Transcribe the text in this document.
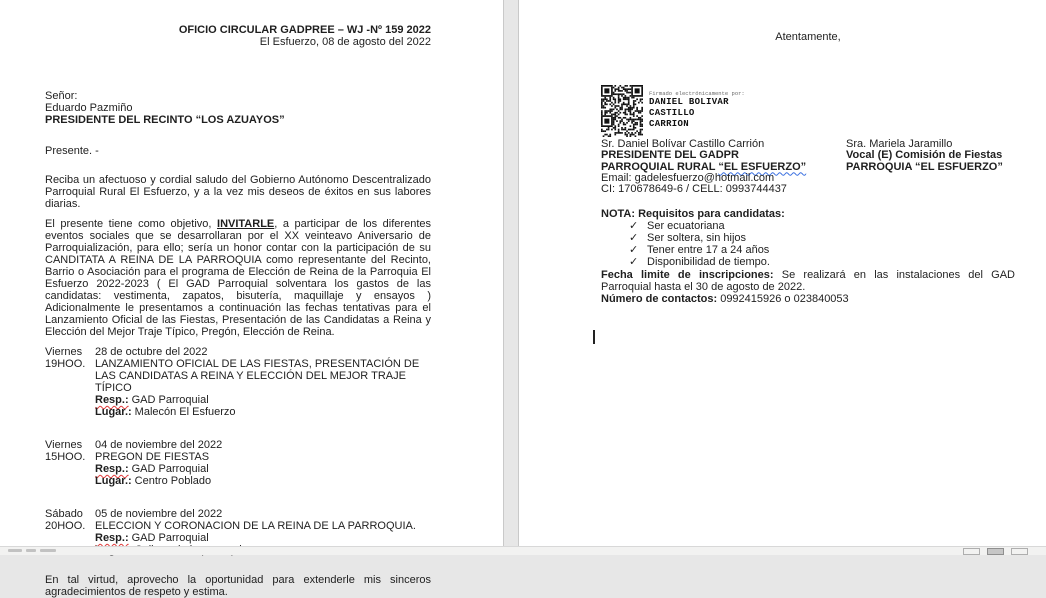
OFICIO CIRCULAR GADPREE – WJ -Nº 159 2022
El Esfuerzo, 08 de agosto del 2022
Señor:
Eduardo Pazmiño
PRESIDENTE DEL RECINTO “LOS AZUAYOS”
Presente. -

Reciba un afectuoso y cordial saludo del Gobierno Autónomo Descentralizado Parroquial Rural El Esfuerzo, y a la vez mis deseos de éxitos en sus labores diarias.

El presente tiene como objetivo, INVITARLE, a participar de los diferentes eventos sociales que se desarrollaran por el XX veinteavo Aniversario de Parroquialización, para ello; sería un honor contar con la participación de su CANDITATA A REINA DE LA PARROQUIA como representante del Recinto, Barrio o Asociación para el programa de Elección de Reina de la Parroquia El Esfuerzo 2022-2023 ( El GAD Parroquial solventara los gastos de las candidatas: vestimenta, zapatos, bisutería, maquillaje y ensayos ) Adicionalmente le presentamos a continuación las fechas tentativas para el Lanzamiento Oficial de las Fiestas, Presentación de las Candidatas a Reina y Elección del Mejor Traje Típico, Pregón, Elección de Reina.

Viernes	28 de octubre del 2022
19HOO. LANZAMIENTO OFICIAL DE LAS FIESTAS, PRESENTACIÓN DE LAS CANDIDATAS A REINA Y ELECCIÓN DEL MEJOR TRAJE TÍPICO
Resp.: GAD Parroquial
Lugar.: Malecón El Esfuerzo
Viernes	04 de noviembre del 2022
15HOO. PREGON DE FIESTAS
Resp.: GAD Parroquial
Lugar.: Centro Poblado
Sábado	05 de noviembre del 2022
20HOO. ELECCION Y CORONACION DE LA REINA DE LA PARROQUIA.
Resp.: GAD Parroquial

En tal virtud, aprovecho la oportunidad para extenderle mis sinceros agradecimientos de respeto y estima.

Atentamente,
Firmado electrónicamente por:
DANIEL BOLIVAR
CASTILLO
CARRION
Sr. Daniel Bolívar Castillo Carrión
PRESIDENTE DEL GADPR
PARROQUIAL RURAL “EL ESFUERZO”
Email: gadelesfuerzo@hotmail.com
CI: 170678649-6 / CELL: 0993744437
Sra. Mariela Jaramillo
Vocal (E) Comisión de Fiestas
PARROQUIA “EL ESFUERZO”
NOTA: Requisitos para candidatas:
✓ Ser ecuatoriana
✓ Ser soltera, sin hijos
✓ Tener entre 17 a 24 años
✓ Disponibilidad de tiempo.

Fecha limite de inscripciones: Se realizará en las instalaciones del GAD Parroquial hasta el 30 de agosto de 2022.

Número de contactos: 0992415926 o 023840053
